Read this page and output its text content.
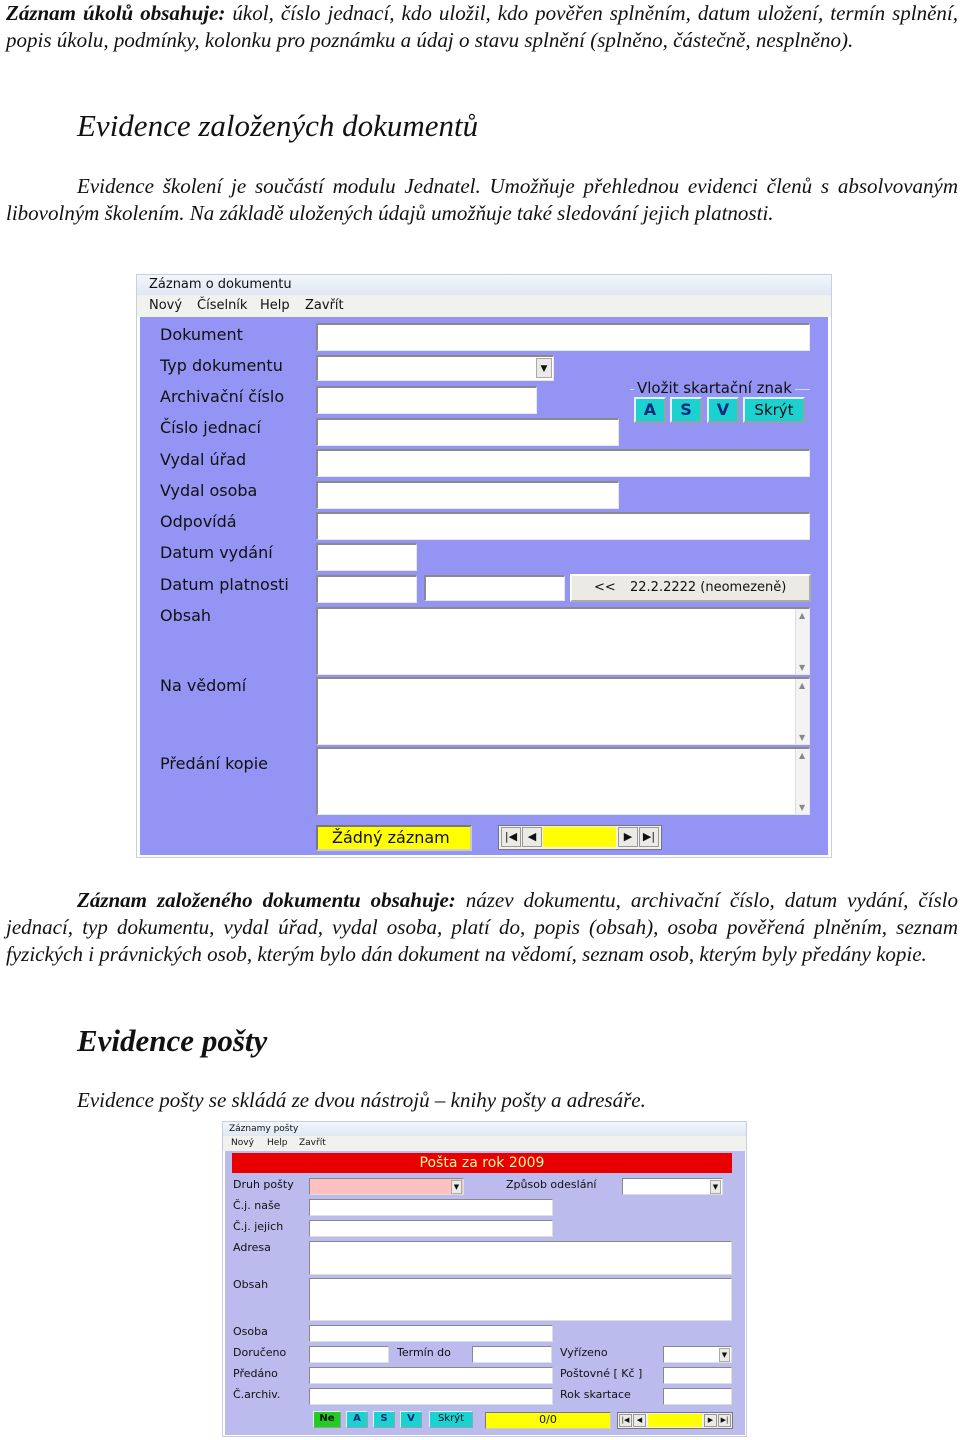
Záznam úkolů obsahuje: úkol, číslo jednací, kdo uložil, kdo pověřen splněním, datum uložení, termín splnění, popis úkolu, podmínky, kolonku pro poznámku a údaj o stavu splnění (splněno, částečně, nesplněno).
Evidence založených dokumentů
Evidence školení je součástí modulu Jednatel. Umožňuje přehlednou evidenci členů s absolvovaným libovolným školením. Na základě uložených údajů umožňuje také sledování jejich platnosti.
Záznam o dokumentu
Nový Číselník Help Zavřít
Dokument
Typ dokumentu
Archivační číslo
Číslo jednací
Vydal úřad
Vydal osoba
Odpovídá
Datum vydání
Datum platnosti
Obsah
Na vědomí
Předání kopie
▼
<< 22.2.2222 (neomezeně)
▲
▼
▲
▼
▲
▼
Vložit skartační znak
A	S	V	Skrýt
Žádný záznam	|◀ ◀	▶ ▶|
Záznam založeného dokumentu obsahuje: název dokumentu, archivační číslo, datum vydání, číslo jednací, typ dokumentu, vydal úřad, vydal osoba, platí do, popis (obsah), osoba pověřená plněním, seznam fyzických i právnických osob, kterým bylo dán dokument na vědomí, seznam osob, kterým byly předány kopie.
Evidence pošty
Evidence pošty se skládá ze dvou nástrojů – knihy pošty a adresáře.
Záznamy pošty
Nový Help Zavřít
Pošta za rok 2009
Druh pošty	▼	Způsob odeslání	▼
Č.j. naše
Č.j. jejich
Adresa
Obsah
Osoba
Doručeno	Termín do	Vyřízeno	▼
Předáno	Poštovné [ Kč ]
Č.archiv.	Rok skartace
Ne	A	S	V	Skrýt	0/0	|◀	◀	▶	▶|
